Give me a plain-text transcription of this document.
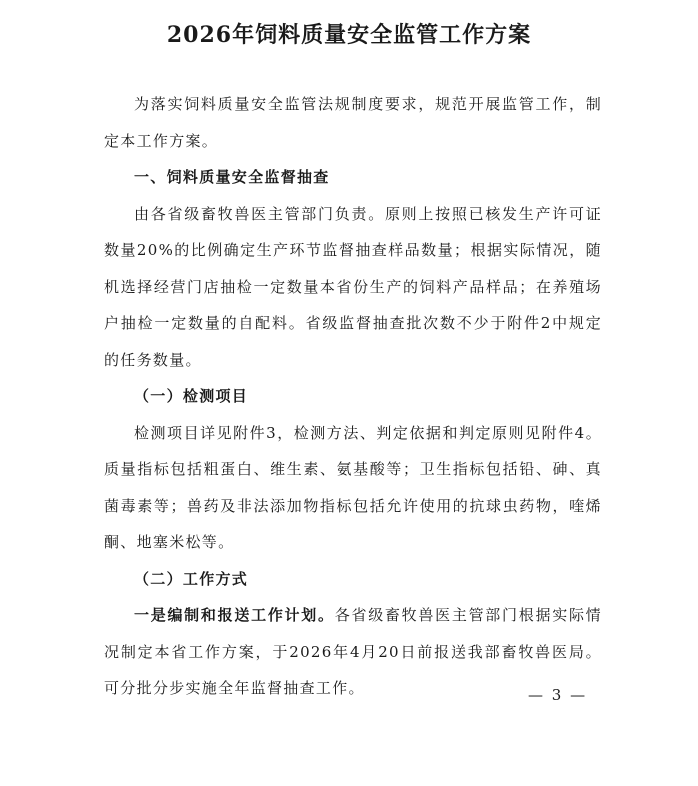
2026年饲料质量安全监管工作方案

为落实饲料质量安全监管法规制度要求，规范开展监管工作，制定本工作方案。

一、饲料质量安全监督抽查

由各省级畜牧兽医主管部门负责。原则上按照已核发生产许可证数量20%的比例确定生产环节监督抽查样品数量；根据实际情况，随机选择经营门店抽检一定数量本省份生产的饲料产品样品；在养殖场户抽检一定数量的自配料。省级监督抽查批次数不少于附件2中规定的任务数量。

（一）检测项目

检测项目详见附件3，检测方法、判定依据和判定原则见附件4。质量指标包括粗蛋白、维生素、氨基酸等；卫生指标包括铅、砷、真菌毒素等；兽药及非法添加物指标包括允许使用的抗球虫药物，喹烯酮、地塞米松等。

（二）工作方式

一是编制和报送工作计划。各省级畜牧兽医主管部门根据实际情况制定本省工作方案，于2026年4月20日前报送我部畜牧兽医局。可分批分步实施全年监督抽查工作。	— 3 —
